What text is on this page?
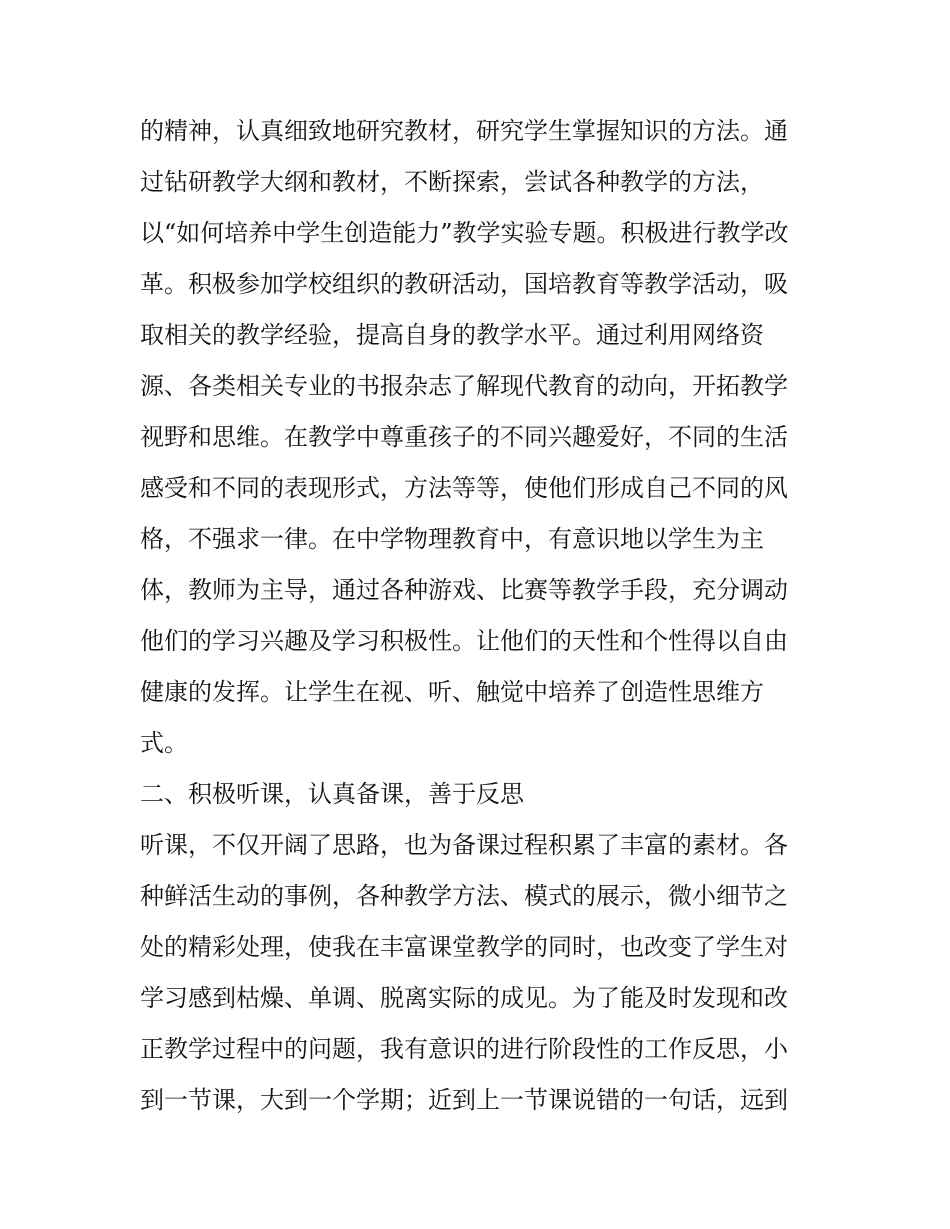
的精神，认真细致地研究教材，研究学生掌握知识的方法。通
过钻研教学大纲和教材，不断探索，尝试各种教学的方法，
以“如何培养中学生创造能力”教学实验专题。积极进行教学改
革。积极参加学校组织的教研活动，国培教育等教学活动，吸
取相关的教学经验，提高自身的教学水平。通过利用网络资
源、各类相关专业的书报杂志了解现代教育的动向，开拓教学
视野和思维。在教学中尊重孩子的不同兴趣爱好，不同的生活
感受和不同的表现形式，方法等等，使他们形成自己不同的风
格，不强求一律。在中学物理教育中，有意识地以学生为主
体，教师为主导，通过各种游戏、比赛等教学手段，充分调动
他们的学习兴趣及学习积极性。让他们的天性和个性得以自由
健康的发挥。让学生在视、听、触觉中培养了创造性思维方
式。
二、积极听课，认真备课，善于反思
听课，不仅开阔了思路，也为备课过程积累了丰富的素材。各
种鲜活生动的事例，各种教学方法、模式的展示，微小细节之
处的精彩处理，使我在丰富课堂教学的同时，也改变了学生对
学习感到枯燥、单调、脱离实际的成见。为了能及时发现和改
正教学过程中的问题，我有意识的进行阶段性的工作反思，小
到一节课，大到一个学期；近到上一节课说错的一句话，远到
